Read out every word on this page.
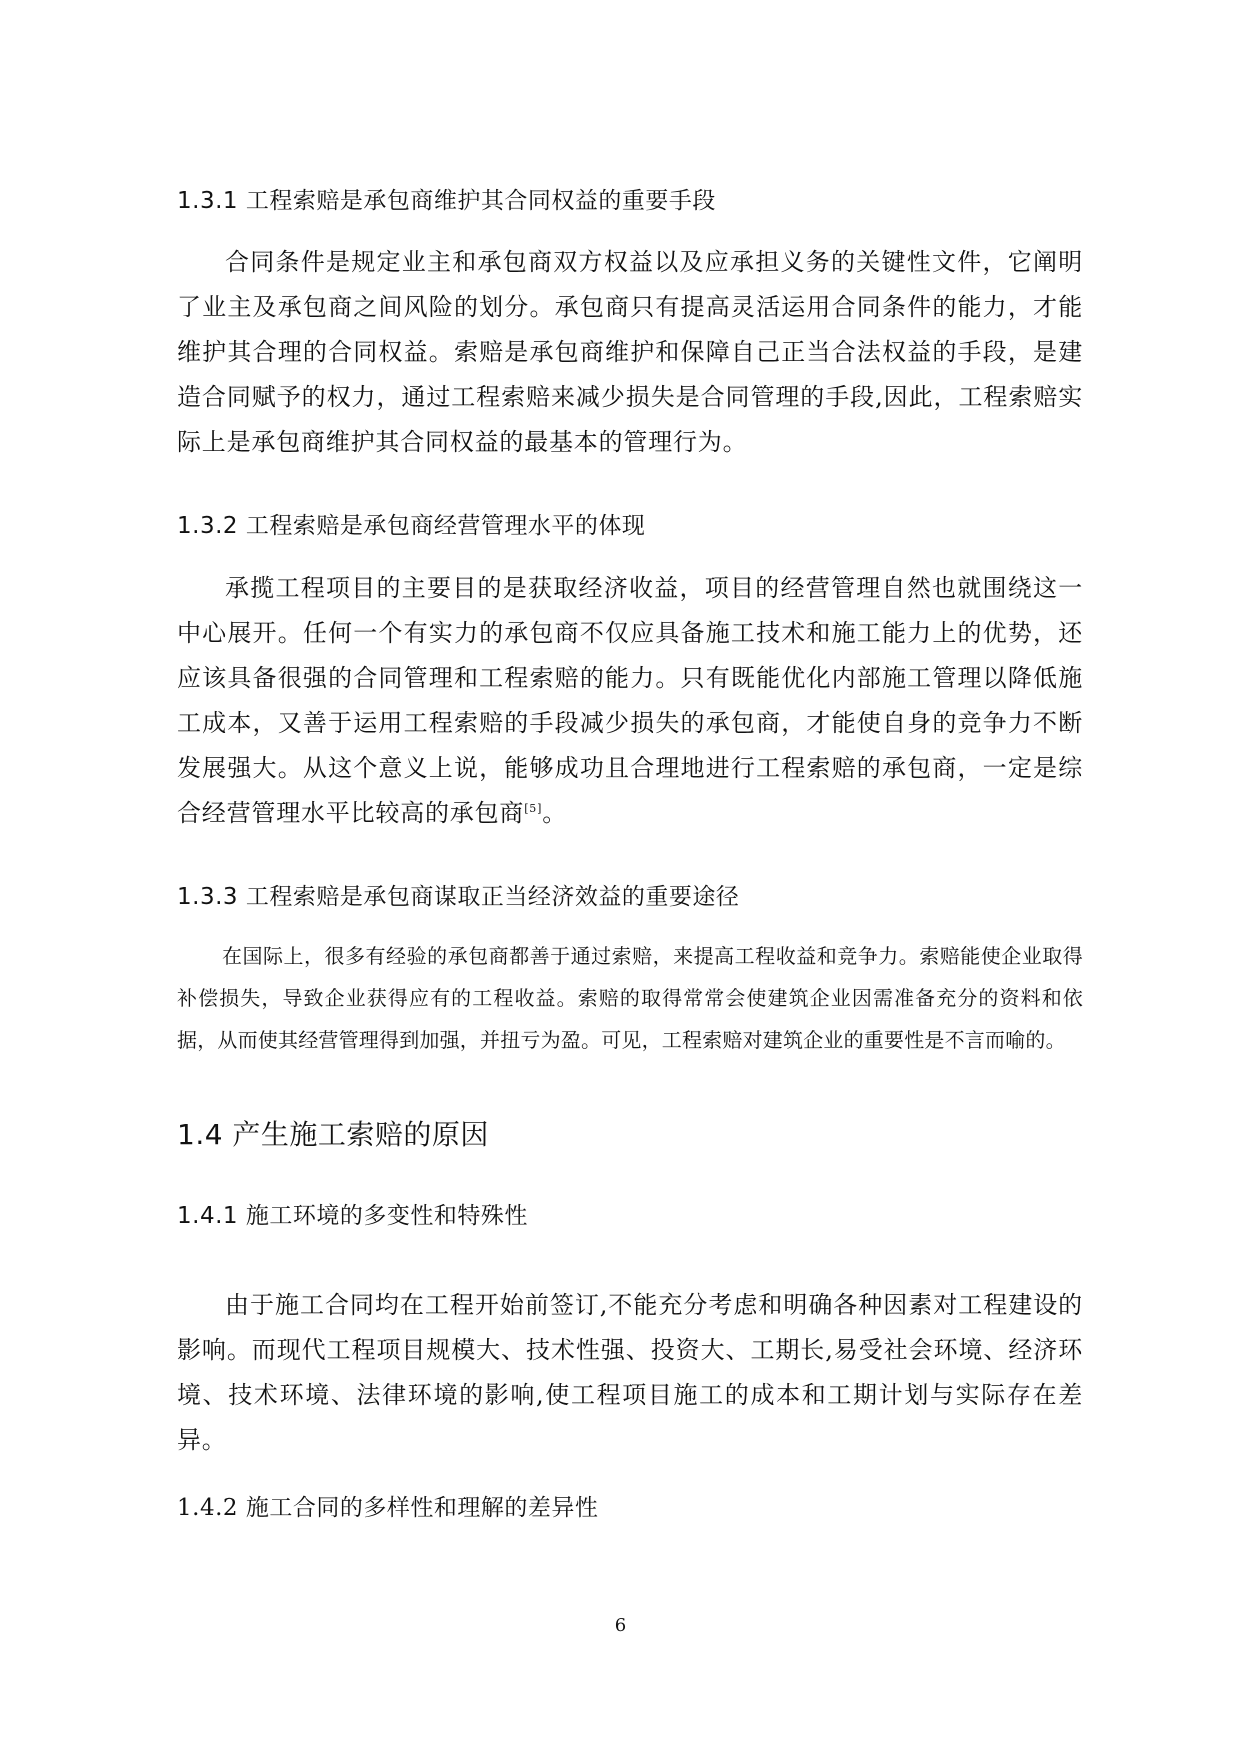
1.3.1 工程索赔是承包商维护其合同权益的重要手段

合同条件是规定业主和承包商双方权益以及应承担义务的关键性文件，它阐明了业主及承包商之间风险的划分。承包商只有提高灵活运用合同条件的能力，才能维护其合理的合同权益。索赔是承包商维护和保障自己正当合法权益的手段，是建造合同赋予的权力，通过工程索赔来减少损失是合同管理的手段,因此，工程索赔实际上是承包商维护其合同权益的最基本的管理行为。

1.3.2 工程索赔是承包商经营管理水平的体现

承揽工程项目的主要目的是获取经济收益，项目的经营管理自然也就围绕这一中心展开。任何一个有实力的承包商不仅应具备施工技术和施工能力上的优势，还应该具备很强的合同管理和工程索赔的能力。只有既能优化内部施工管理以降低施工成本，又善于运用工程索赔的手段减少损失的承包商，才能使自身的竞争力不断发展强大。从这个意义上说，能够成功且合理地进行工程索赔的承包商，一定是综合经营管理水平比较高的承包商[5]。

1.3.3 工程索赔是承包商谋取正当经济效益的重要途径

在国际上，很多有经验的承包商都善于通过索赔，来提高工程收益和竞争力。索赔能使企业取得补偿损失，导致企业获得应有的工程收益。索赔的取得常常会使建筑企业因需准备充分的资料和依据，从而使其经营管理得到加强，并扭亏为盈。可见，工程索赔对建筑企业的重要性是不言而喻的。

1.4 产生施工索赔的原因
1.4.1 施工环境的多变性和特殊性

由于施工合同均在工程开始前签订,不能充分考虑和明确各种因素对工程建设的影响。而现代工程项目规模大、技术性强、投资大、工期长,易受社会环境、经济环境、技术环境、法律环境的影响,使工程项目施工的成本和工期计划与实际存在差异。

1.4.2 施工合同的多样性和理解的差异性
6
